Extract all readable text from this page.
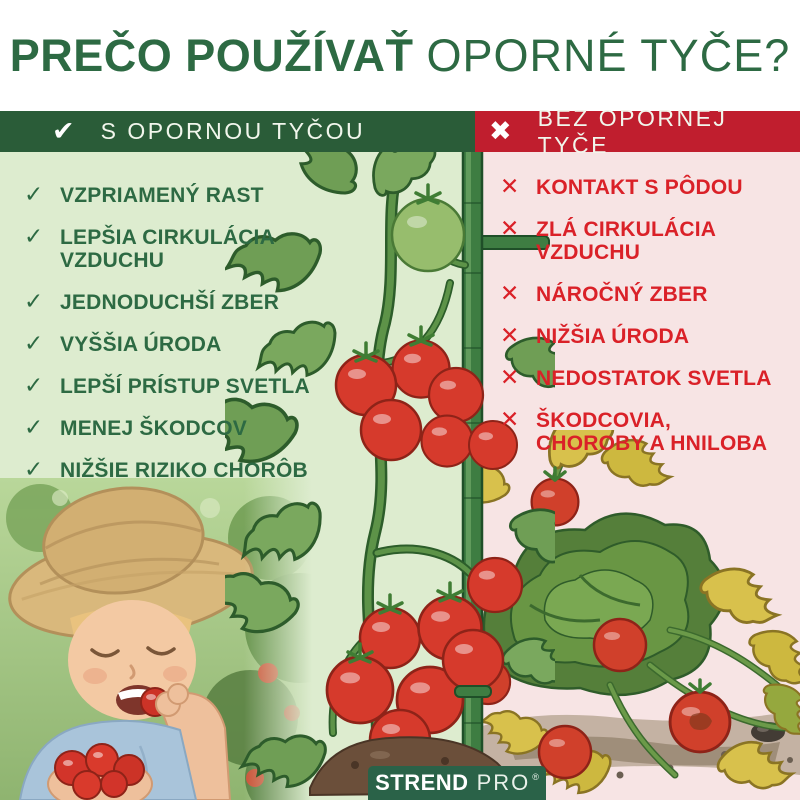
PREČO POUŽÍVAŤ OPORNÉ TYČE?
✔ S OPORNOU TYČOU	✖ BEZ OPORNEJ TYČE
✓ VZPRIAMENÝ RAST
✓ LEPŠIA CIRKULÁCIA
VZDUCHU
✓ JEDNODUCHŠÍ ZBER
✓ VYŠŠIA ÚRODA
✓ LEPŠÍ PRÍSTUP SVETLA
✓ MENEJ ŠKODCOV
✓ NIŽŠIE RIZIKO CHORÔB
✕ KONTAKT S PÔDOU
✕ ZLÁ CIRKULÁCIA
VZDUCHU
✕ NÁROČNÝ ZBER
✕ NIŽŠIA ÚRODA
✕ NEDOSTATOK SVETLA
✕ ŠKODCOVIA,
CHOROBY A HNILOBA
STREND PRO ®
